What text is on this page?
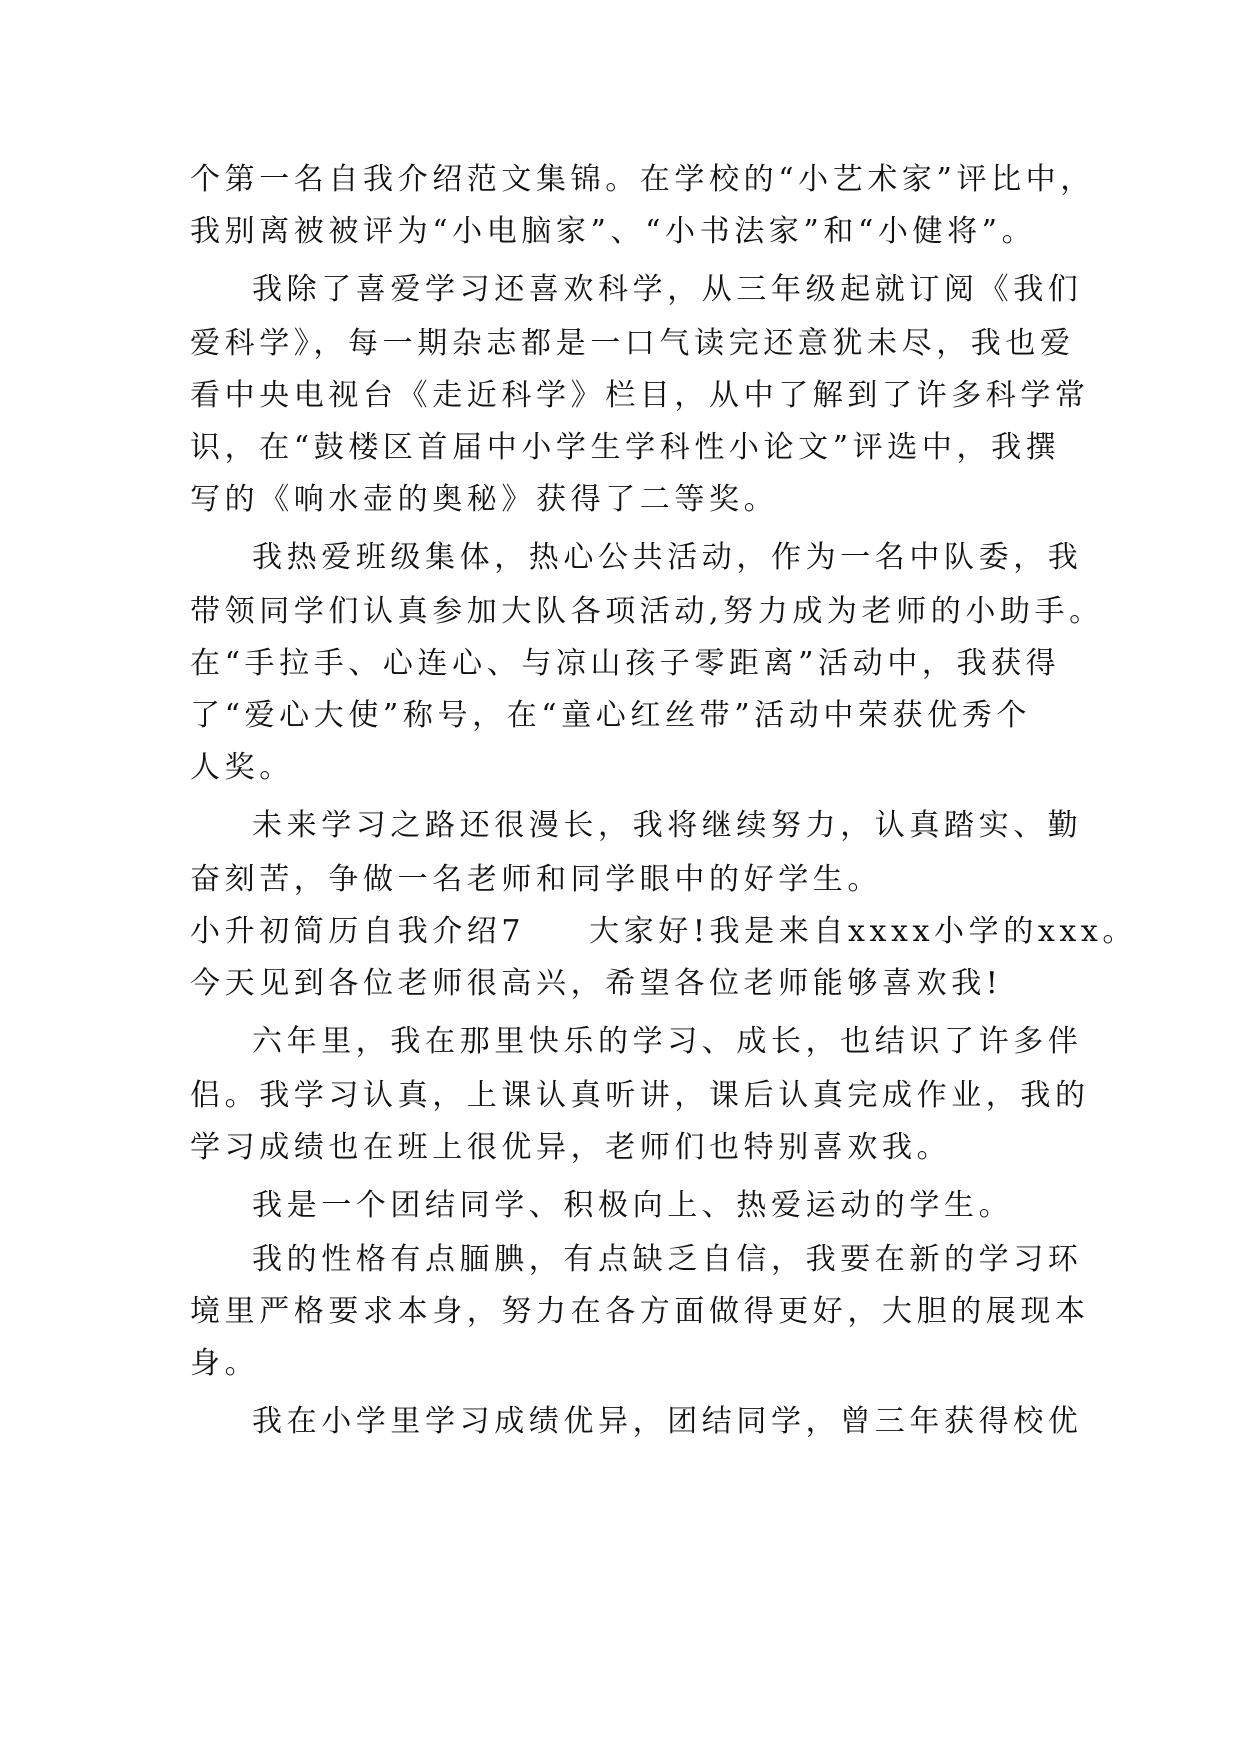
个第一名自我介绍范文集锦。在学校的“小艺术家”评比中，
我别离被被评为“小电脑家”、“小书法家”和“小健将”。
我除了喜爱学习还喜欢科学，从三年级起就订阅《我们
爱科学》，每一期杂志都是一口气读完还意犹未尽，我也爱
看中央电视台《走近科学》栏目，从中了解到了许多科学常
识，在“鼓楼区首届中小学生学科性小论文”评选中，我撰
写的《响水壶的奥秘》获得了二等奖。
我热爱班级集体，热心公共活动，作为一名中队委，我
带领同学们认真参加大队各项活动,努力成为老师的小助手。
在“手拉手、心连心、与凉山孩子零距离”活动中，我获得
了“爱心大使”称号，在“童心红丝带”活动中荣获优秀个
人奖。
未来学习之路还很漫长，我将继续努力，认真踏实、勤
奋刻苦，争做一名老师和同学眼中的好学生。
小升初简历自我介绍7 大家好!我是来自xxxx小学的xxx。
今天见到各位老师很高兴，希望各位老师能够喜欢我!
六年里，我在那里快乐的学习、成长，也结识了许多伴
侣。我学习认真，上课认真听讲，课后认真完成作业，我的
学习成绩也在班上很优异，老师们也特别喜欢我。
我是一个团结同学、积极向上、热爱运动的学生。
我的性格有点腼腆，有点缺乏自信，我要在新的学习环
境里严格要求本身，努力在各方面做得更好，大胆的展现本
身。
我在小学里学习成绩优异，团结同学，曾三年获得校优
